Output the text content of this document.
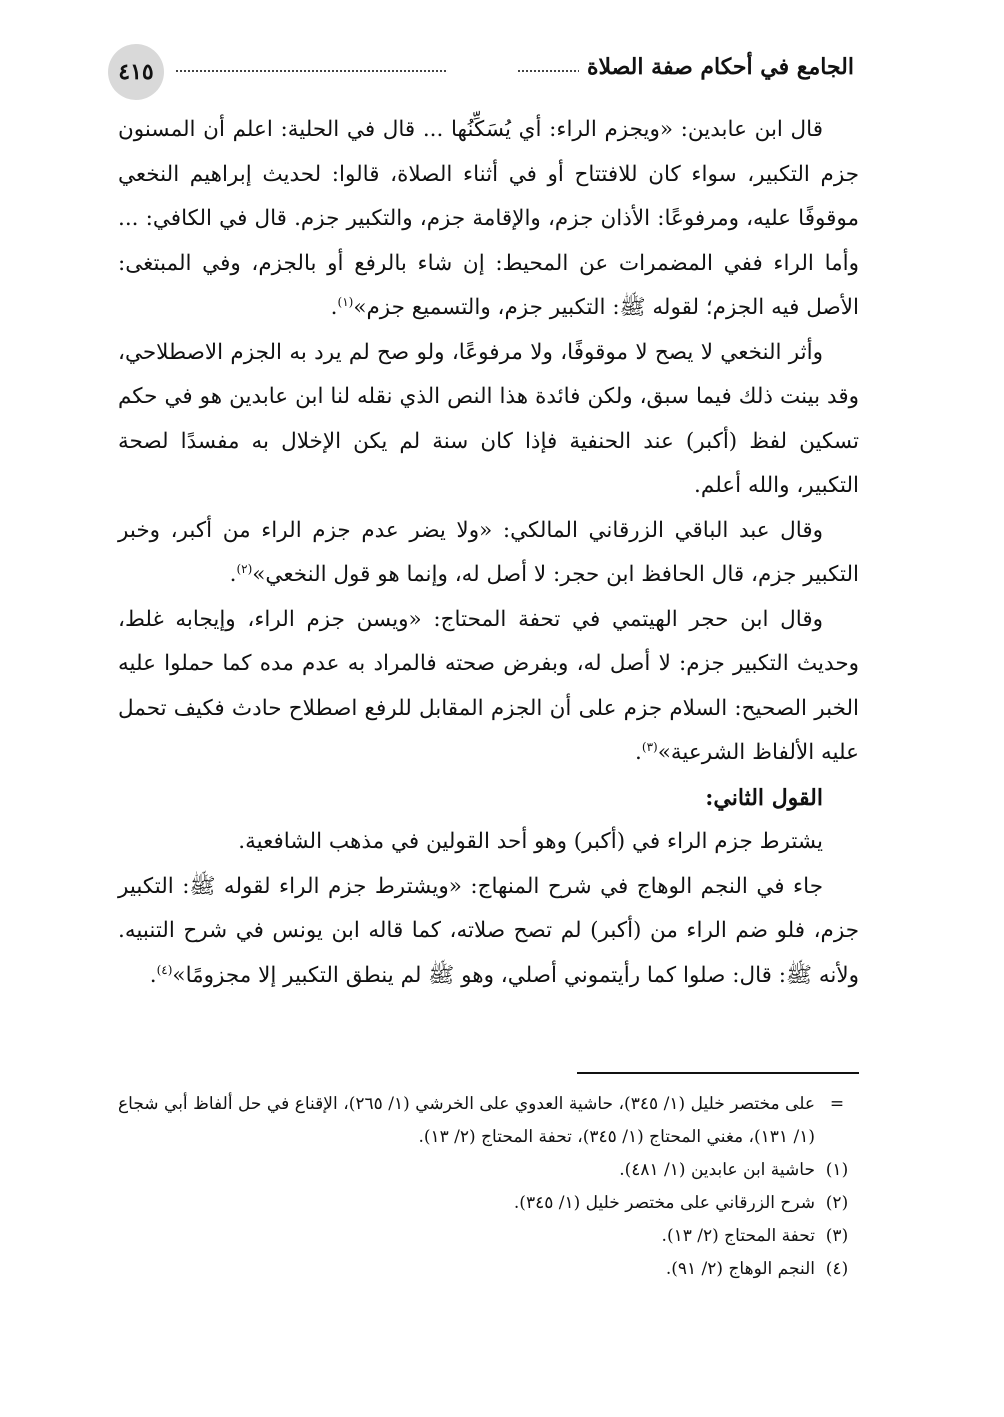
الجامع في أحكام صفة الصلاة
٤١٥

قال ابن عابدين: «ويجزم الراء: أي يُسَكِّنُها ... قال في الحلية: اعلم أن المسنون جزم التكبير، سواء كان للافتتاح أو في أثناء الصلاة، قالوا: لحديث إبراهيم النخعي موقوفًا عليه، ومرفوعًا: الأذان جزم، والإقامة جزم، والتكبير جزم. قال في الكافي: ... وأما الراء ففي المضمرات عن المحيط: إن شاء بالرفع أو بالجزم، وفي المبتغى: الأصل فيه الجزم؛ لقوله ﷺ: التكبير جزم، والتسميع جزم»$^{(١)}$.

وأثر النخعي لا يصح لا موقوفًا، ولا مرفوعًا، ولو صح لم يرد به الجزم الاصطلاحي، وقد بينت ذلك فيما سبق، ولكن فائدة هذا النص الذي نقله لنا ابن عابدين هو في حكم تسكين لفظ (أكبر) عند الحنفية فإذا كان سنة لم يكن الإخلال به مفسدًا لصحة التكبير، والله أعلم.

وقال عبد الباقي الزرقاني المالكي: «ولا يضر عدم جزم الراء من أكبر، وخبر التكبير جزم، قال الحافظ ابن حجر: لا أصل له، وإنما هو قول النخعي»$^{(٢)}$.

وقال ابن حجر الهيتمي في تحفة المحتاج: «ويسن جزم الراء، وإيجابه غلط، وحديث التكبير جزم: لا أصل له، وبفرض صحته فالمراد به عدم مده كما حملوا عليه الخبر الصحيح: السلام جزم على أن الجزم المقابل للرفع اصطلاح حادث فكيف تحمل عليه الألفاظ الشرعية»$^{(٣)}$.

القول الثاني:

يشترط جزم الراء في (أكبر) وهو أحد القولين في مذهب الشافعية.

جاء في النجم الوهاج في شرح المنهاج: «ويشترط جزم الراء لقوله ﷺ: التكبير جزم، فلو ضم الراء من (أكبر) لم تصح صلاته، كما قاله ابن يونس في شرح التنبيه. ولأنه ﷺ: قال: صلوا كما رأيتموني أصلي، وهو ﷺ لم ينطق التكبير إلا مجزومًا»$^{(٤)}$.

=
على مختصر خليل (١/ ٣٤٥)، حاشية العدوي على الخرشي (١/ ٢٦٥)، الإقناع في حل ألفاظ أبي شجاع (١/ ١٣١)، مغني المحتاج (١/ ٣٤٥)، تحفة المحتاج (٢/ ١٣).
(١)
حاشية ابن عابدين (١/ ٤٨١).
(٢)
شرح الزرقاني على مختصر خليل (١/ ٣٤٥).
(٣)
تحفة المحتاج (٢/ ١٣).
(٤)
النجم الوهاج (٢/ ٩١).
